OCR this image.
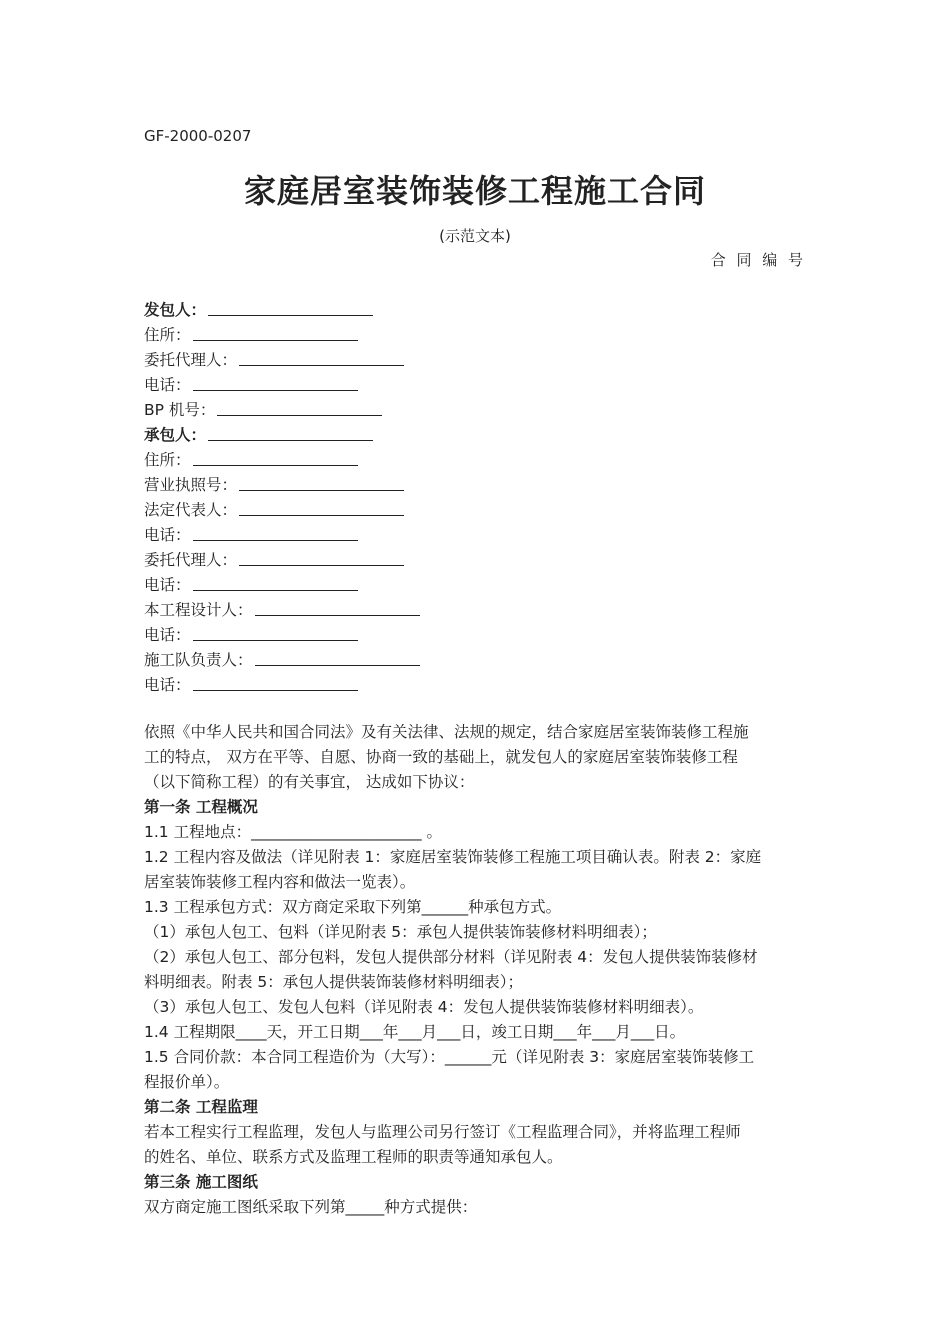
GF-2000-0207
家庭居室装饰装修工程施工合同
(示范文本)
合 同 编 号
发包人：
住所：
委托代理人：
电话：
BP 机号：
承包人：
住所：
营业执照号：
法定代表人：
电话：
委托代理人：
电话：
本工程设计人：
电话：
施工队负责人：
电话：
依照《中华人民共和国合同法》及有关法律、法规的规定，结合家庭居室装饰装修工程施
工的特点， 双方在平等、自愿、协商一致的基础上，就发包人的家庭居室装饰装修工程
（以下简称工程）的有关事宜， 达成如下协议：
第一条 工程概况
1.1 工程地点：______________________ 。
1.2 工程内容及做法（详见附表 1：家庭居室装饰装修工程施工项目确认表。附表 2：家庭
居室装饰装修工程内容和做法一览表）。
1.3 工程承包方式：双方商定采取下列第______种承包方式。
（1）承包人包工、包料（详见附表 5：承包人提供装饰装修材料明细表）；
（2）承包人包工、部分包料，发包人提供部分材料（详见附表 4：发包人提供装饰装修材
料明细表。附表 5：承包人提供装饰装修材料明细表）；
（3）承包人包工、发包人包料（详见附表 4：发包人提供装饰装修材料明细表）。
1.4 工程期限____天，开工日期___年___月___日，竣工日期___年___月___日。
1.5 合同价款：本合同工程造价为（大写）：______元（详见附表 3：家庭居室装饰装修工
程报价单）。
第二条 工程监理
若本工程实行工程监理，发包人与监理公司另行签订《工程监理合同》，并将监理工程师
的姓名、单位、联系方式及监理工程师的职责等通知承包人。
第三条 施工图纸
双方商定施工图纸采取下列第_____种方式提供：
